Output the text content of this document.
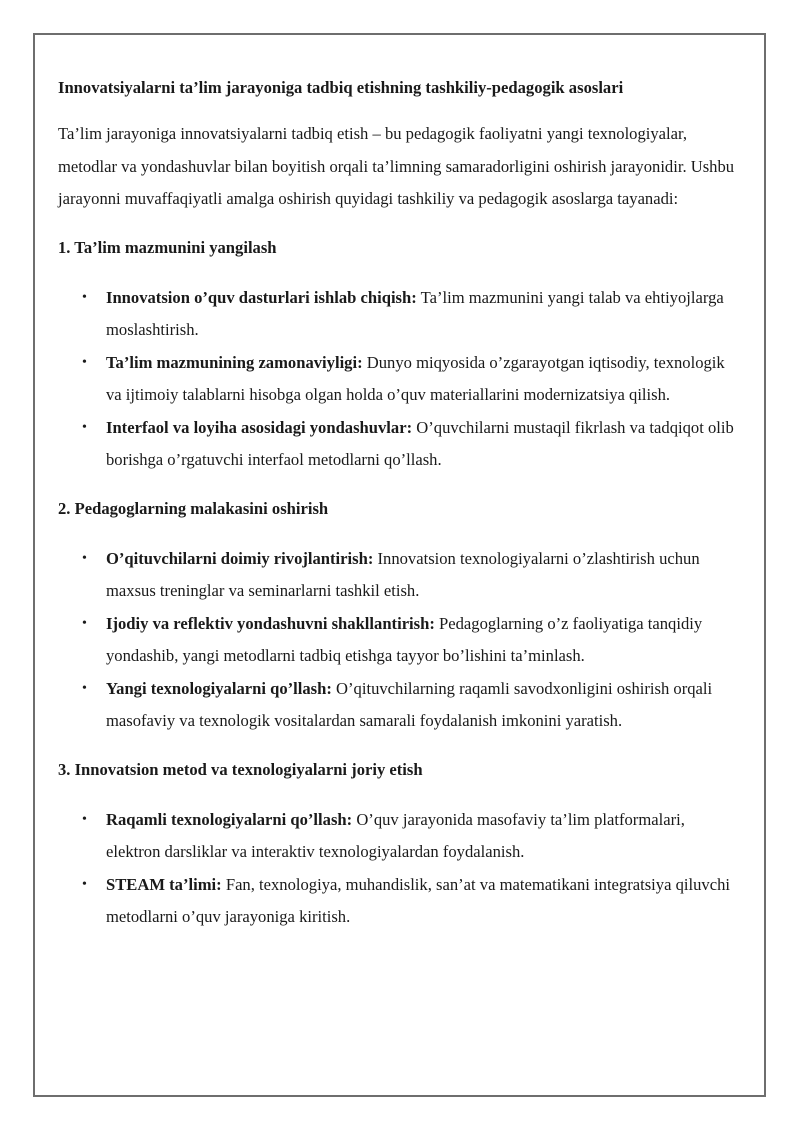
Innovatsiyalarni ta’lim jarayoniga tadbiq etishning tashkiliy-pedagogik asoslari
Ta’lim jarayoniga innovatsiyalarni tadbiq etish – bu pedagogik faoliyatni yangi texnologiyalar, metodlar va yondashuvlar bilan boyitish orqali ta’limning samaradorligini oshirish jarayonidir. Ushbu jarayonni muvaffaqiyatli amalga oshirish quyidagi tashkiliy va pedagogik asoslarga tayanadi:
1. Ta’lim mazmunini yangilash
• Innovatsion o’quv dasturlari ishlab chiqish: Ta’lim mazmunini yangi talab va ehtiyojlarga moslashtirish.
• Ta’lim mazmunining zamonaviyligi: Dunyo miqyosida o’zgarayotgan iqtisodiy, texnologik va ijtimoiy talablarni hisobga olgan holda o’quv materiallarini modernizatsiya qilish.
• Interfaol va loyiha asosidagi yondashuvlar: O’quvchilarni mustaqil fikrlash va tadqiqot olib borishga o’rgatuvchi interfaol metodlarni qo’llash.
2. Pedagoglarning malakasini oshirish
• O’qituvchilarni doimiy rivojlantirish: Innovatsion texnologiyalarni o’zlashtirish uchun maxsus treninglar va seminarlarni tashkil etish.
• Ijodiy va reflektiv yondashuvni shakllantirish: Pedagoglarning o’z faoliyatiga tanqidiy yondashib, yangi metodlarni tadbiq etishga tayyor bo’lishini ta’minlash.
• Yangi texnologiyalarni qo’llash: O’qituvchilarning raqamli savodxonligini oshirish orqali masofaviy va texnologik vositalardan samarali foydalanish imkonini yaratish.
3. Innovatsion metod va texnologiyalarni joriy etish
• Raqamli texnologiyalarni qo’llash: O’quv jarayonida masofaviy ta’lim platformalari, elektron darsliklar va interaktiv texnologiyalardan foydalanish.
• STEAM ta’limi: Fan, texnologiya, muhandislik, san’at va matematikani integratsiya qiluvchi metodlarni o’quv jarayoniga kiritish.
